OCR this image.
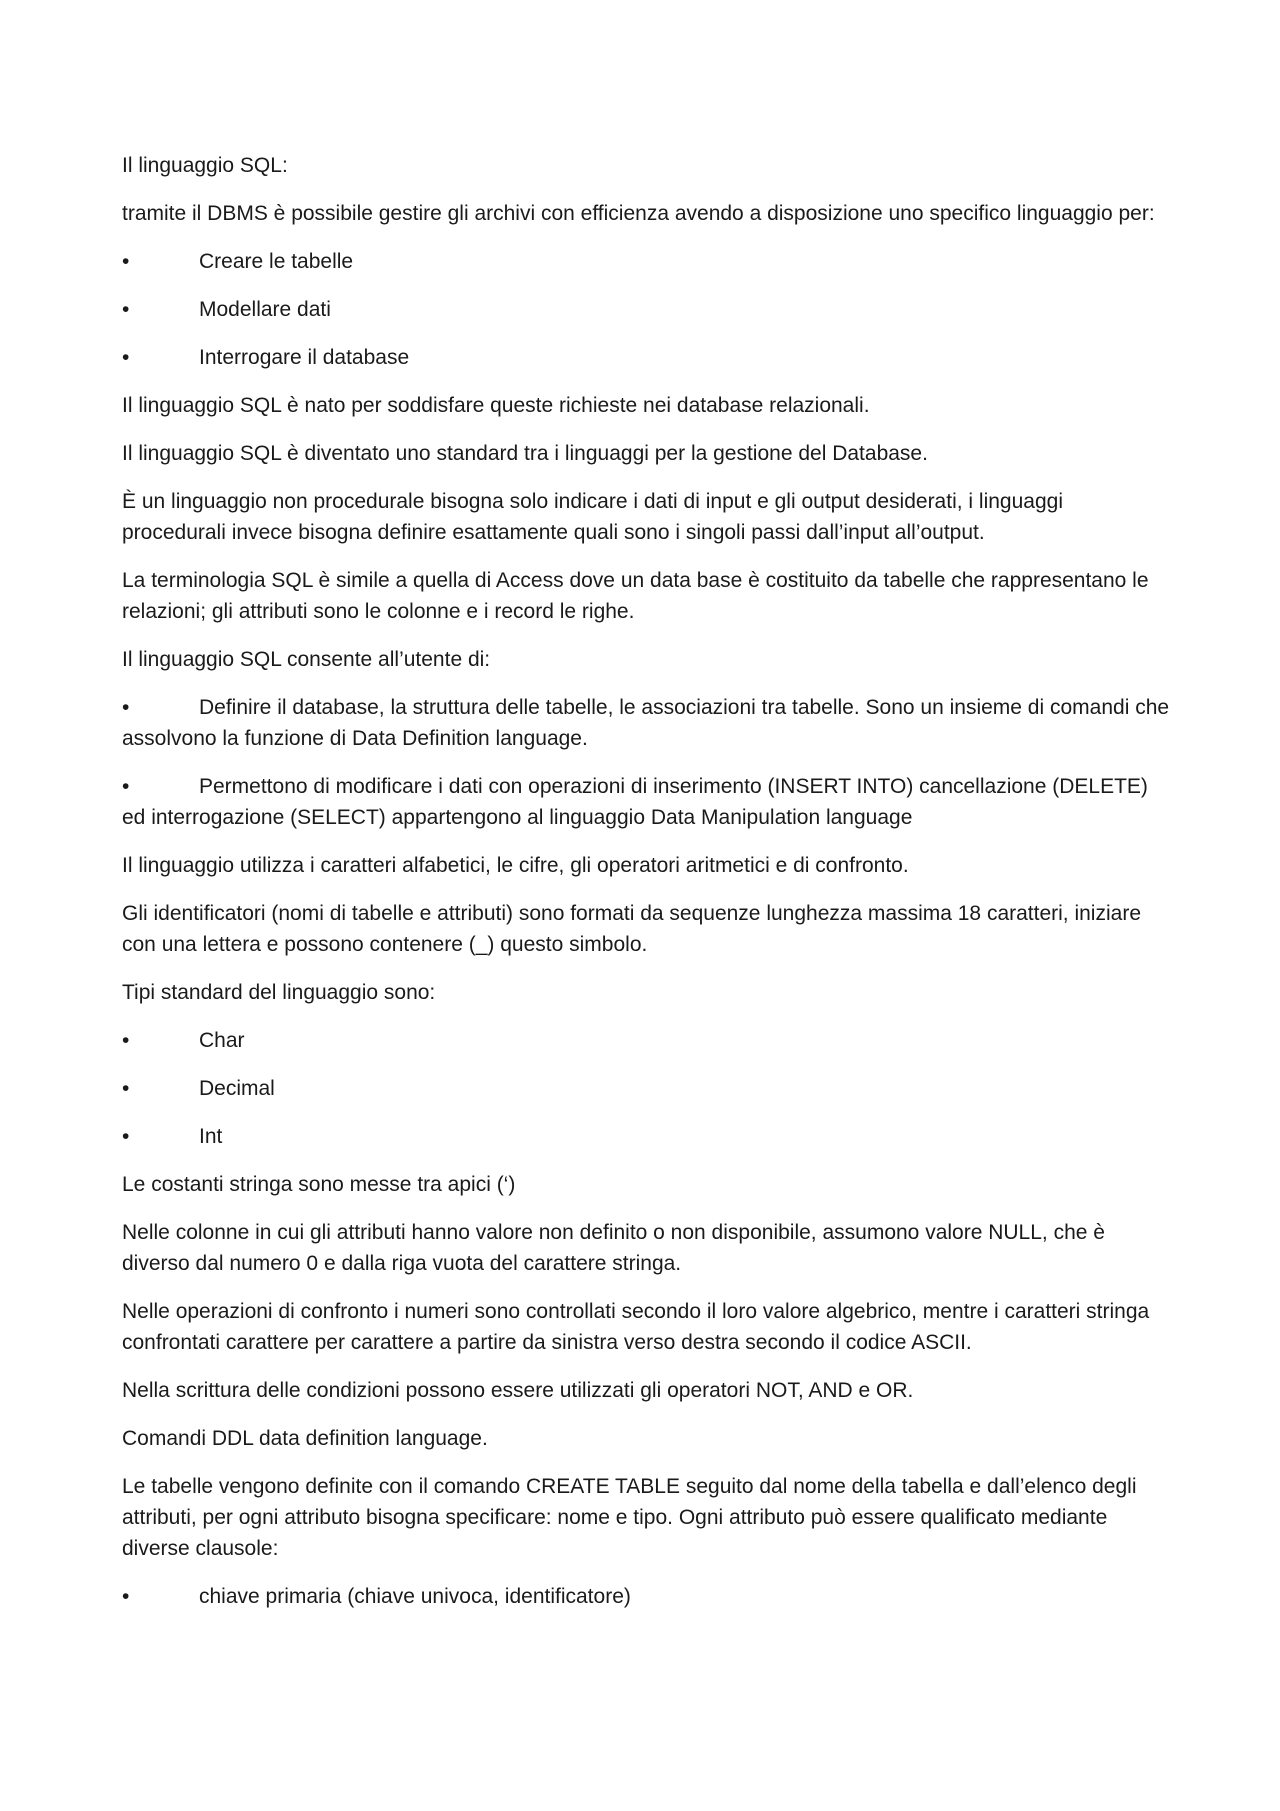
Il linguaggio SQL:

tramite il DBMS è possibile gestire gli archivi con efficienza avendo a disposizione uno specifico linguaggio per:

•	Creare le tabelle
•	Modellare dati
•	Interrogare il database

Il linguaggio SQL è nato per soddisfare queste richieste nei database relazionali.

Il linguaggio SQL è diventato uno standard tra i linguaggi per la gestione del Database.

È un linguaggio non procedurale bisogna solo indicare i dati di input e gli output desiderati, i linguaggi procedurali invece bisogna definire esattamente quali sono i singoli passi dall’input all’output.

La terminologia SQL è simile a quella di Access dove un data base è costituito da tabelle che rappresentano le relazioni; gli attributi sono le colonne e i record le righe.

Il linguaggio SQL consente all’utente di:

•	Definire il database, la struttura delle tabelle, le associazioni tra tabelle. Sono un insieme di comandi che assolvono la funzione di Data Definition language.
•	Permettono di modificare i dati con operazioni di inserimento (INSERT INTO) cancellazione (DELETE) ed interrogazione (SELECT) appartengono al linguaggio Data Manipulation language

Il linguaggio utilizza i caratteri alfabetici, le cifre, gli operatori aritmetici e di confronto.

Gli identificatori (nomi di tabelle e attributi) sono formati da sequenze lunghezza massima 18 caratteri, iniziare con una lettera e possono contenere (_) questo simbolo.

Tipi standard del linguaggio sono:

•	Char
•	Decimal
•	Int

Le costanti stringa sono messe tra apici (‘)

Nelle colonne in cui gli attributi hanno valore non definito o non disponibile, assumono valore NULL, che è diverso dal numero 0 e dalla riga vuota del carattere stringa.

Nelle operazioni di confronto i numeri sono controllati secondo il loro valore algebrico, mentre i caratteri stringa confrontati carattere per carattere a partire da sinistra verso destra secondo il codice ASCII.

Nella scrittura delle condizioni possono essere utilizzati gli operatori NOT, AND e OR.

Comandi DDL data definition language.

Le tabelle vengono definite con il comando CREATE TABLE seguito dal nome della tabella e dall’elenco degli attributi, per ogni attributo bisogna specificare: nome e tipo. Ogni attributo può essere qualificato mediante diverse clausole:

•	chiave primaria (chiave univoca, identificatore)
